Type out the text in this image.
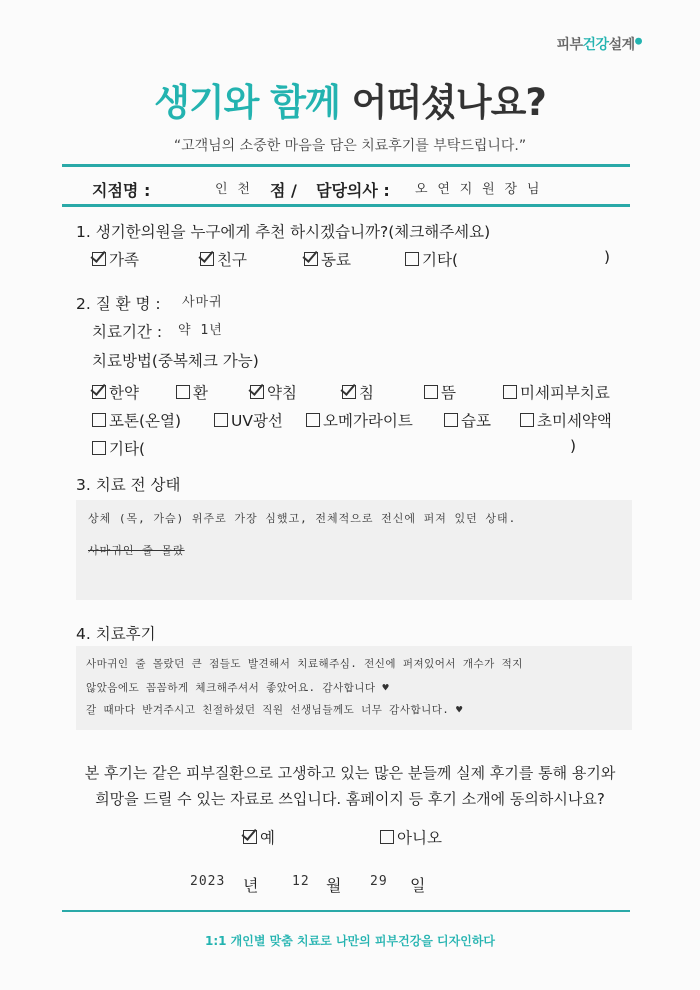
피부건강설계●
생기와 함께 어떠셨나요?
“고객님의 소중한 마음을 담은 치료후기를 부탁드립니다.”
지점명 :	인 천 점 / 담당의사 : 오 연 지 원 장 님
1. 생기한의원을 누구에게 추천 하시겠습니까?(체크해주세요)
가족	친구	동료	기타(	)
2. 질 환 명 : 사마귀
치료기간 : 약 1년
치료방법(중복체크 가능)
한약	환	약침	침	뜸	미세피부치료
포톤(온열)	UV광선	오메가라이트	습포	초미세약액
기타(	)
3. 치료 전 상태
상체 (목, 가슴) 위주로 가장 심했고, 전체적으로 전신에 퍼져 있던 상태.
사마귀인 줄 몰랐
4. 치료후기
사마귀인 줄 몰랐던 큰 점들도 발견해서 치료해주심. 전신에 퍼져있어서 개수가 적지
않았음에도 꼼꼼하게 체크해주셔서 좋았어요. 감사합니다 ♥
갈 때마다 반겨주시고 친절하셨던 직원 선생님들께도 너무 감사합니다. ♥
본 후기는 같은 피부질환으로 고생하고 있는 많은 분들께 실제 후기를 통해 용기와
희망을 드릴 수 있는 자료로 쓰입니다. 홈페이지 등 후기 소개에 동의하시나요?
예	아니오
2023 년	12 월 29 일
1:1 개인별 맞춤 치료로 나만의 피부건강을 디자인하다
